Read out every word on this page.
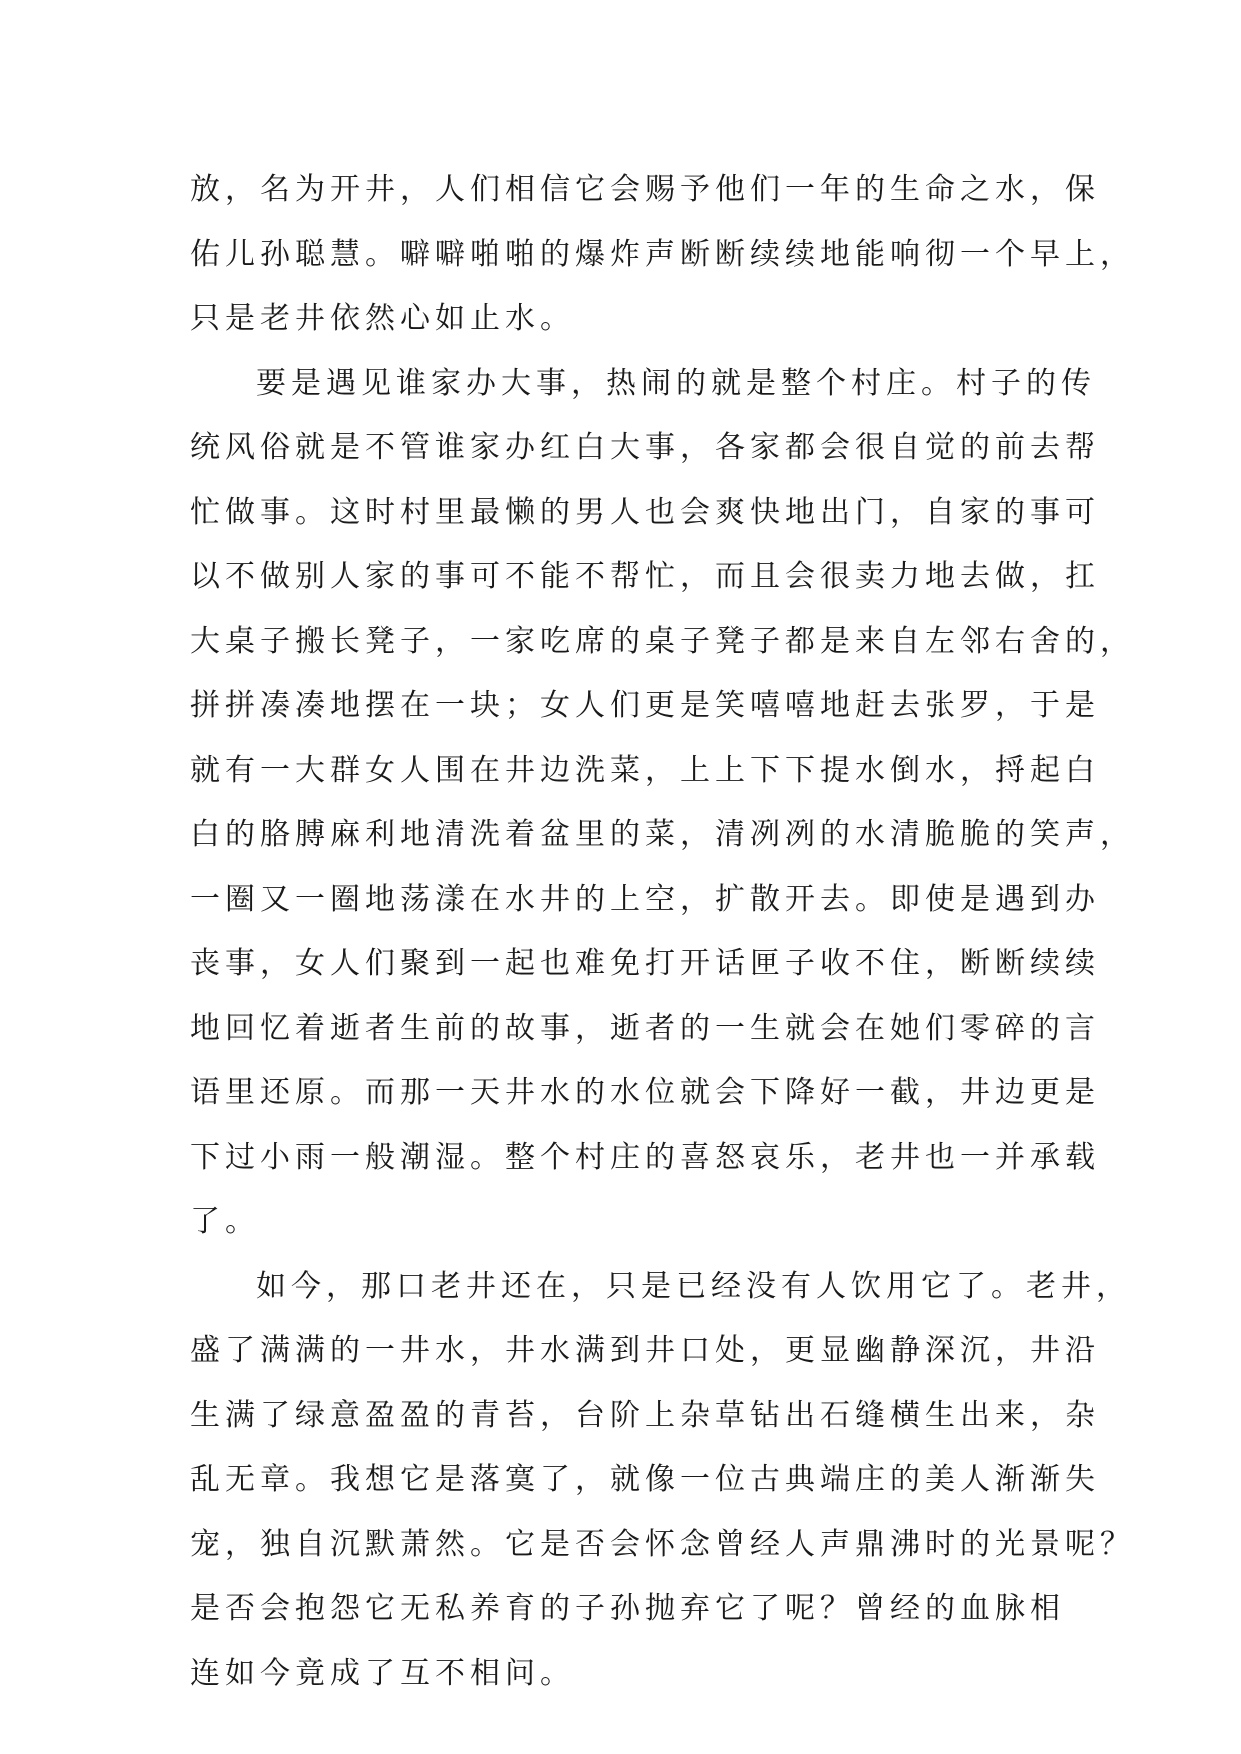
放，名为开井，人们相信它会赐予他们一年的生命之水，保
佑儿孙聪慧。噼噼啪啪的爆炸声断断续续地能响彻一个早上，
只是老井依然心如止水。
要是遇见谁家办大事，热闹的就是整个村庄。村子的传
统风俗就是不管谁家办红白大事，各家都会很自觉的前去帮
忙做事。这时村里最懒的男人也会爽快地出门，自家的事可
以不做别人家的事可不能不帮忙，而且会很卖力地去做，扛
大桌子搬长凳子，一家吃席的桌子凳子都是来自左邻右舍的，
拼拼凑凑地摆在一块；女人们更是笑嘻嘻地赶去张罗，于是
就有一大群女人围在井边洗菜，上上下下提水倒水，捋起白
白的胳膊麻利地清洗着盆里的菜，清冽冽的水清脆脆的笑声，
一圈又一圈地荡漾在水井的上空，扩散开去。即使是遇到办
丧事，女人们聚到一起也难免打开话匣子收不住，断断续续
地回忆着逝者生前的故事，逝者的一生就会在她们零碎的言
语里还原。而那一天井水的水位就会下降好一截，井边更是
下过小雨一般潮湿。整个村庄的喜怒哀乐，老井也一并承载
了。
如今，那口老井还在，只是已经没有人饮用它了。老井，
盛了满满的一井水，井水满到井口处，更显幽静深沉，井沿
生满了绿意盈盈的青苔，台阶上杂草钻出石缝横生出来，杂
乱无章。我想它是落寞了，就像一位古典端庄的美人渐渐失
宠，独自沉默萧然。它是否会怀念曾经人声鼎沸时的光景呢？
是否会抱怨它无私养育的子孙抛弃它了呢？曾经的血脉相
连如今竟成了互不相问。
